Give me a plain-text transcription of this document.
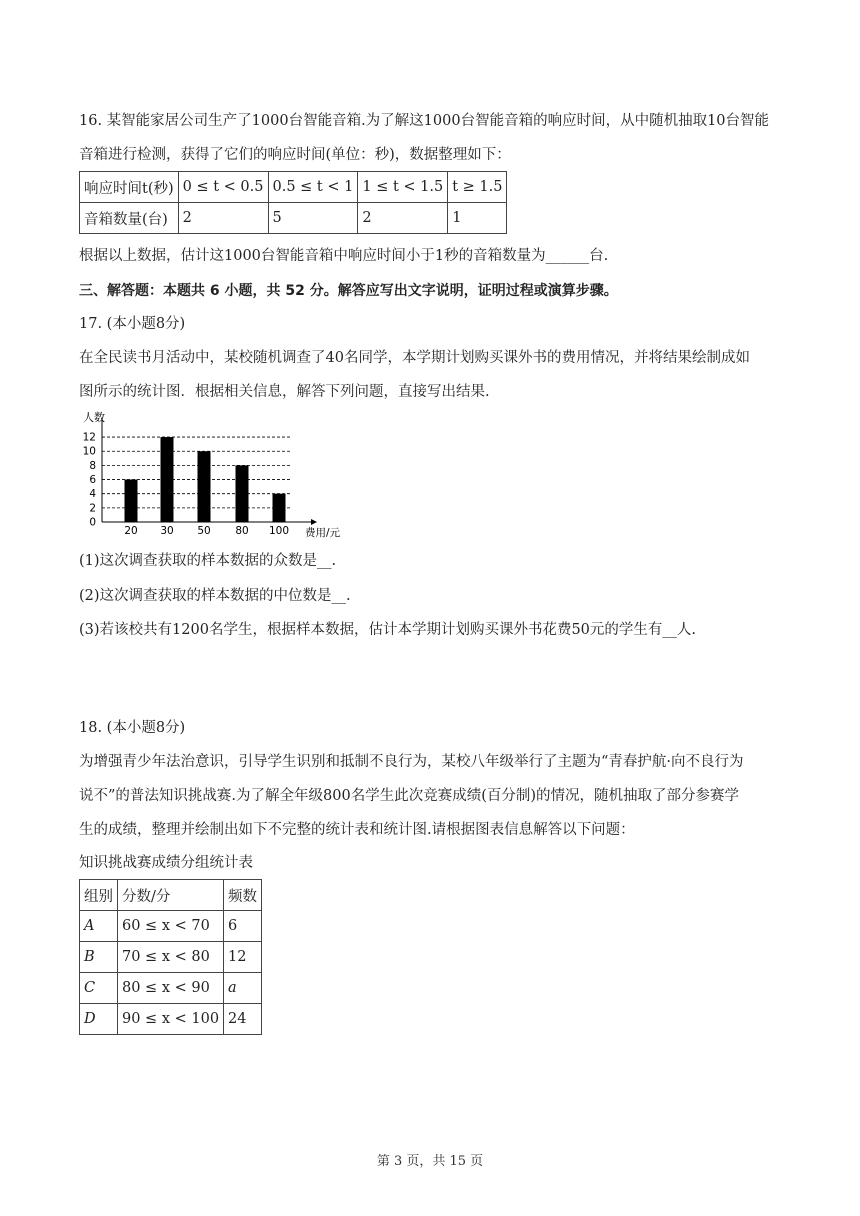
16. 某智能家居公司生产了1000台智能音箱.为了解这1000台智能音箱的响应时间，从中随机抽取10台智能
音箱进行检测，获得了它们的响应时间(单位：秒)，数据整理如下：
响应时间t(秒)	0 ≤ t < 0.5	0.5 ≤ t < 1	1 ≤ t < 1.5	t ≥ 1.5
音箱数量(台)	2	5	2	1
根据以上数据，估计这1000台智能音箱中响应时间小于1秒的音箱数量为______台.
三、解答题：本题共 6 小题，共 52 分。解答应写出文字说明，证明过程或演算步骤。
17. (本小题8分)
在全民读书月活动中，某校随机调查了40名同学，本学期计划购买课外书的费用情况，并将结果绘制成如
图所示的统计图．根据相关信息，解答下列问题，直接写出结果.
0
2
4
6
8
10
12
20 30 50 80 100
人数
费用/元
(1)这次调查获取的样本数据的众数是__.
(2)这次调查获取的样本数据的中位数是__.
(3)若该校共有1200名学生，根据样本数据，估计本学期计划购买课外书花费50元的学生有__人.
18. (本小题8分)
为增强青少年法治意识，引导学生识别和抵制不良行为，某校八年级举行了主题为“青春护航·向不良行为
说不”的普法知识挑战赛.为了解全年级800名学生此次竞赛成绩(百分制)的情况，随机抽取了部分参赛学
生的成绩，整理并绘制出如下不完整的统计表和统计图.请根据图表信息解答以下问题：
知识挑战赛成绩分组统计表
组别	分数/分	频数
A	60 ≤ x < 70	6
B	70 ≤ x < 80	12
C	80 ≤ x < 90	a
D	90 ≤ x < 100	24
第 3 页，共 15 页
